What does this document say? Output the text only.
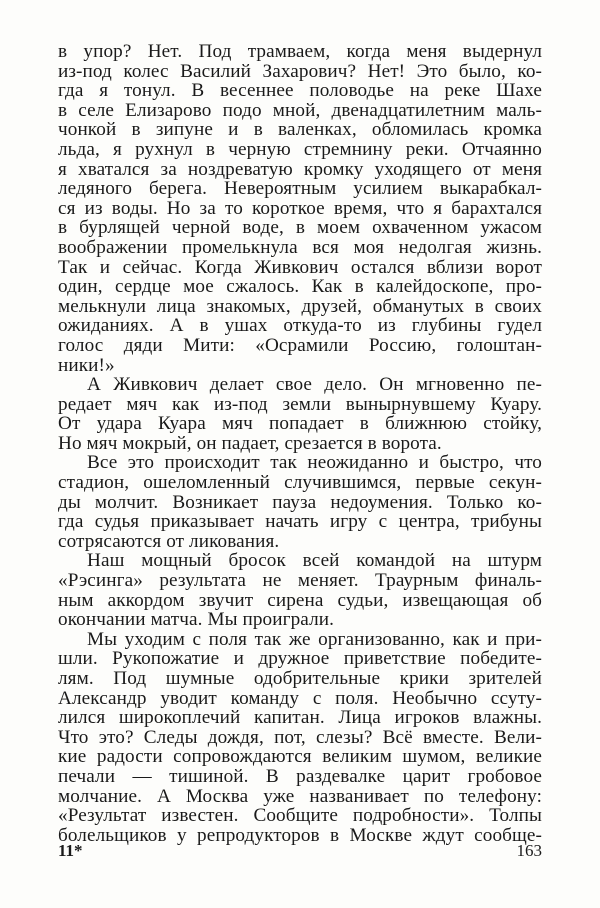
в упор? Нет. Под трамваем, когда меня выдернул
из-под колес Василий Захарович? Нет! Это было, ко-
гда я тонул. В весеннее половодье на реке Шахе
в селе Елизарово подо мной, двенадцатилетним маль-
чонкой в зипуне и в валенках, обломилась кромка
льда, я рухнул в черную стремнину реки. Отчаянно
я хватался за ноздреватую кромку уходящего от меня
ледяного берега. Невероятным усилием выкарабкал-
ся из воды. Но за то короткое время, что я барахтался
в бурлящей черной воде, в моем охваченном ужасом
воображении промелькнула вся моя недолгая жизнь.
Так и сейчас. Когда Живкович остался вблизи ворот
один, сердце мое сжалось. Как в калейдоскопе, про-
мелькнули лица знакомых, друзей, обманутых в своих
ожиданиях. А в ушах откуда-то из глубины гудел
голос дяди Мити: «Осрамили Россию, голоштан-
ники!»
А Живкович делает свое дело. Он мгновенно пе-
редает мяч как из-под земли вынырнувшему Куару.
От удара Куара мяч попадает в ближнюю стойку,
Но мяч мокрый, он падает, срезается в ворота.
Все это происходит так неожиданно и быстро, что
стадион, ошеломленный случившимся, первые секун-
ды молчит. Возникает пауза недоумения. Только ко-
гда судья приказывает начать игру с центра, трибуны
сотрясаются от ликования.
Наш мощный бросок всей командой на штурм
«Рэсинга» результата не меняет. Траурным финаль-
ным аккордом звучит сирена судьи, извещающая об
окончании матча. Мы проиграли.
Мы уходим с поля так же организованно, как и при-
шли. Рукопожатие и дружное приветствие победите-
лям. Под шумные одобрительные крики зрителей
Александр уводит команду с поля. Необычно ссуту-
лился широкоплечий капитан. Лица игроков влажны.
Что это? Следы дождя, пот, слезы? Всё вместе. Вели-
кие радости сопровождаются великим шумом, великие
печали — тишиной. В раздевалке царит гробовое
молчание. А Москва уже названивает по телефону:
«Результат известен. Сообщите подробности». Толпы
болельщиков у репродукторов в Москве ждут сообще-
11*	163
